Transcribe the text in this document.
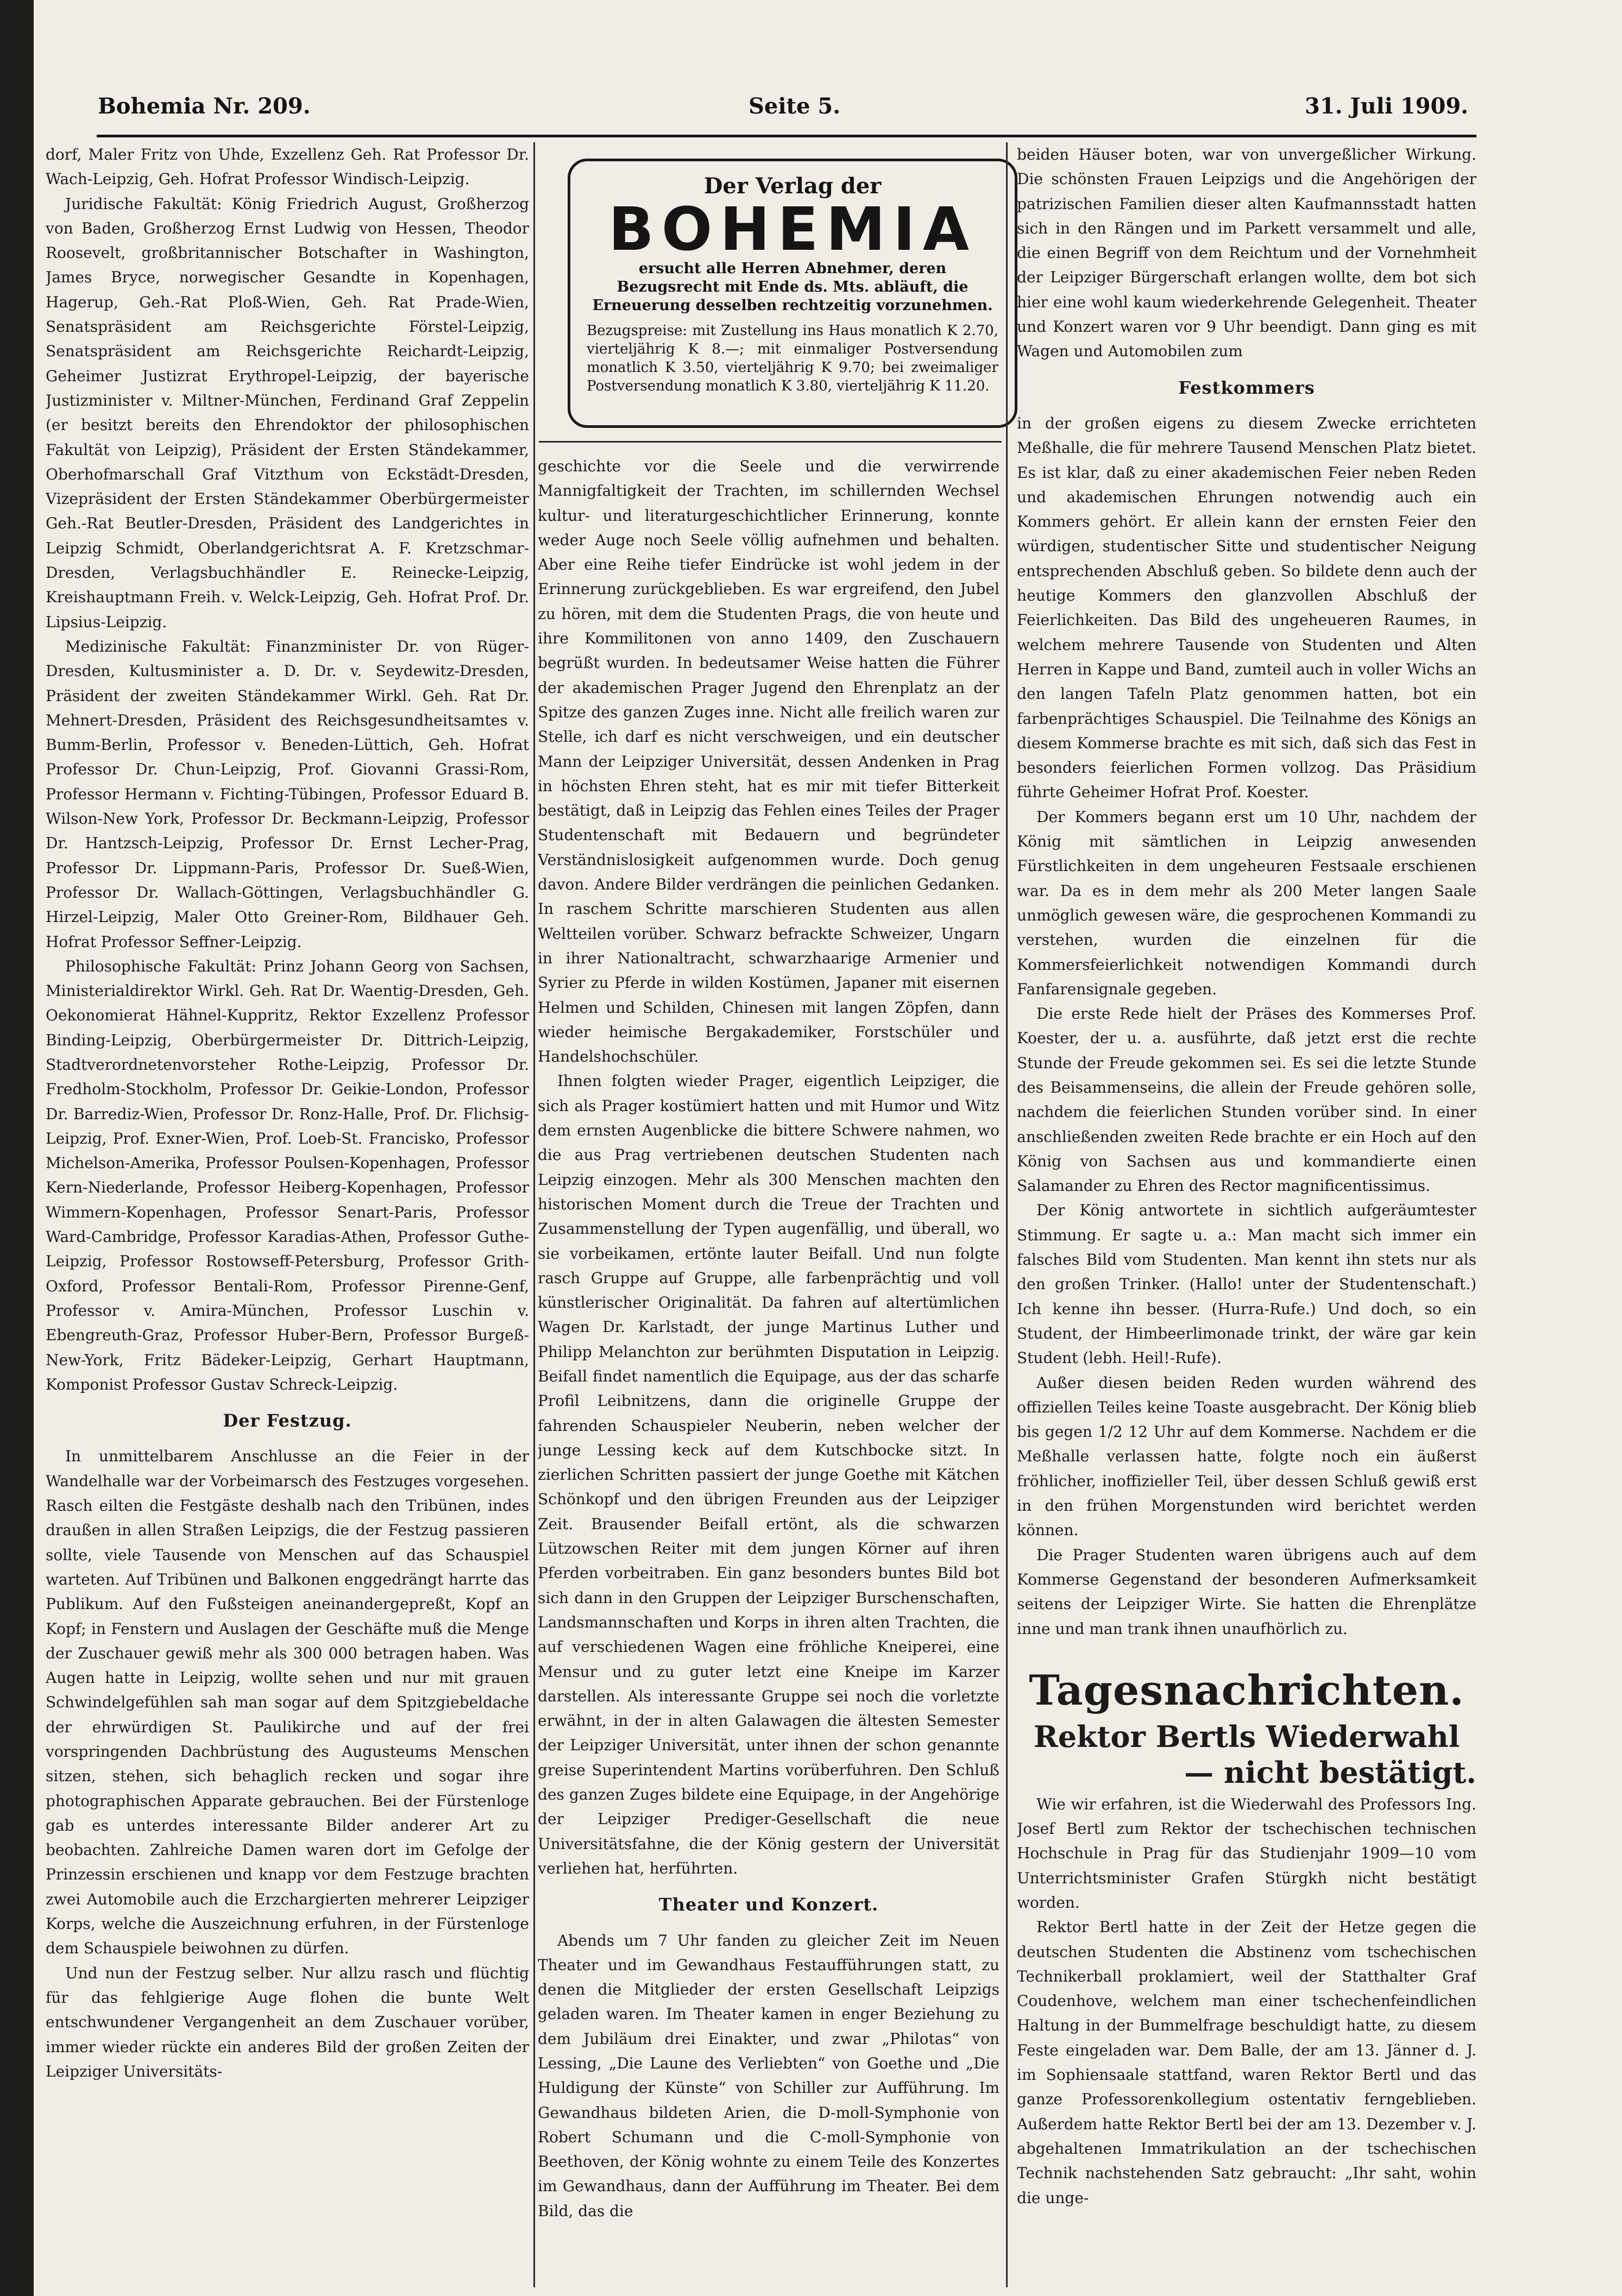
Bohemia Nr. 209.	Seite 5.	31. Juli 1909.

dorf, Maler Fritz von Uhde, Exzellenz Geh. Rat Professor Dr. Wach-Leipzig, Geh. Hofrat Professor Windisch-Leipzig.

Juridische Fakultät: König Friedrich August, Großherzog von Baden, Großherzog Ernst Ludwig von Hessen, Theodor Roosevelt, großbritannischer Botschafter in Washington, James Bryce, norwegischer Gesandte in Kopenhagen, Hagerup, Geh.-Rat Ploß-Wien, Geh. Rat Prade-Wien, Senatspräsident am Reichsgerichte Förstel-Leipzig, Senatspräsident am Reichsgerichte Reichardt-Leipzig, Geheimer Justizrat Erythropel-Leipzig, der bayerische Justizminister v. Miltner-München, Ferdinand Graf Zeppelin (er besitzt bereits den Ehrendoktor der philosophischen Fakultät von Leipzig), Präsident der Ersten Ständekammer, Oberhofmarschall Graf Vitzthum von Eckstädt-Dresden, Vizepräsident der Ersten Ständekammer Oberbürgermeister Geh.-Rat Beutler-Dresden, Präsident des Landgerichtes in Leipzig Schmidt, Oberlandgerichtsrat A. F. Kretzschmar-Dresden, Verlagsbuchhändler E. Reinecke-Leipzig, Kreishauptmann Freih. v. Welck-Leipzig, Geh. Hofrat Prof. Dr. Lipsius-Leipzig.

Medizinische Fakultät: Finanzminister Dr. von Rüger-Dresden, Kultusminister a. D. Dr. v. Seydewitz-Dresden, Präsident der zweiten Ständekammer Wirkl. Geh. Rat Dr. Mehnert-Dresden, Präsident des Reichsgesundheitsamtes v. Bumm-Berlin, Professor v. Beneden-Lüttich, Geh. Hofrat Professor Dr. Chun-Leipzig, Prof. Giovanni Grassi-Rom, Professor Hermann v. Fichting-Tübingen, Professor Eduard B. Wilson-New York, Professor Dr. Beckmann-Leipzig, Professor Dr. Hantzsch-Leipzig, Professor Dr. Ernst Lecher-Prag, Professor Dr. Lippmann-Paris, Professor Dr. Sueß-Wien, Professor Dr. Wallach-Göttingen, Verlagsbuchhändler G. Hirzel-Leipzig, Maler Otto Greiner-Rom, Bildhauer Geh. Hofrat Professor Seffner-Leipzig.

Philosophische Fakultät: Prinz Johann Georg von Sachsen, Ministerialdirektor Wirkl. Geh. Rat Dr. Waentig-Dresden, Geh. Oekonomierat Hähnel-Kuppritz, Rektor Exzellenz Professor Binding-Leipzig, Oberbürgermeister Dr. Dittrich-Leipzig, Stadtverordnetenvorsteher Rothe-Leipzig, Professor Dr. Fredholm-Stockholm, Professor Dr. Geikie-London, Professor Dr. Barrediz-Wien, Professor Dr. Ronz-Halle, Prof. Dr. Flichsig-Leipzig, Prof. Exner-Wien, Prof. Loeb-St. Francisko, Professor Michelson-Amerika, Professor Poulsen-Kopenhagen, Professor Kern-Niederlande, Professor Heiberg-Kopenhagen, Professor Wimmern-Kopenhagen, Professor Senart-Paris, Professor Ward-Cambridge, Professor Karadias-Athen, Professor Guthe-Leipzig, Professor Rostowseff-Petersburg, Professor Grith-Oxford, Professor Bentali-Rom, Professor Pirenne-Genf, Professor v. Amira-München, Professor Luschin v. Ebengreuth-Graz, Professor Huber-Bern, Professor Burgeß-New-York, Fritz Bädeker-Leipzig, Gerhart Hauptmann, Komponist Professor Gustav Schreck-Leipzig.

Der Festzug.

In unmittelbarem Anschlusse an die Feier in der Wandelhalle war der Vorbeimarsch des Festzuges vorgesehen. Rasch eilten die Festgäste deshalb nach den Tribünen, indes draußen in allen Straßen Leipzigs, die der Festzug passieren sollte, viele Tausende von Menschen auf das Schauspiel warteten. Auf Tribünen und Balkonen enggedrängt harrte das Publikum. Auf den Fußsteigen aneinandergepreßt, Kopf an Kopf; in Fenstern und Auslagen der Geschäfte muß die Menge der Zuschauer gewiß mehr als 300 000 betragen haben. Was Augen hatte in Leipzig, wollte sehen und nur mit grauen Schwindelgefühlen sah man sogar auf dem Spitzgiebeldache der ehrwürdigen St. Paulikirche und auf der frei vorspringenden Dachbrüstung des Augusteums Menschen sitzen, stehen, sich behaglich recken und sogar ihre photographischen Apparate gebrauchen. Bei der Fürstenloge gab es unterdes interessante Bilder anderer Art zu beobachten. Zahlreiche Damen waren dort im Gefolge der Prinzessin erschienen und knapp vor dem Festzuge brachten zwei Automobile auch die Erzchargierten mehrerer Leipziger Korps, welche die Auszeichnung erfuhren, in der Fürstenloge dem Schauspiele beiwohnen zu dürfen.

Und nun der Festzug selber. Nur allzu rasch und flüchtig für das fehlgierige Auge flohen die bunte Welt entschwundener Vergangenheit an dem Zuschauer vorüber, immer wieder rückte ein anderes Bild der großen Zeiten der Leipziger Universitäts-

Der Verlag der
BOHEMIA
ersucht alle Herren Abnehmer, deren Bezugsrecht mit Ende ds. Mts. abläuft, die Erneuerung desselben rechtzeitig vorzunehmen.
Bezugspreise: mit Zustellung ins Haus monatlich K 2.70, vierteljährig K 8.—; mit einmaliger Postversendung monatlich K 3.50, vierteljährig K 9.70; bei zweimaliger Postversendung monatlich K 3.80, vierteljährig K 11.20.

geschichte vor die Seele und die verwirrende Mannigfaltigkeit der Trachten, im schillernden Wechsel kultur- und literaturgeschichtlicher Erinnerung, konnte weder Auge noch Seele völlig aufnehmen und behalten. Aber eine Reihe tiefer Eindrücke ist wohl jedem in der Erinnerung zurückgeblieben. Es war ergreifend, den Jubel zu hören, mit dem die Studenten Prags, die von heute und ihre Kommilitonen von anno 1409, den Zuschauern begrüßt wurden. In bedeutsamer Weise hatten die Führer der akademischen Prager Jugend den Ehrenplatz an der Spitze des ganzen Zuges inne. Nicht alle freilich waren zur Stelle, ich darf es nicht verschweigen, und ein deutscher Mann der Leipziger Universität, dessen Andenken in Prag in höchsten Ehren steht, hat es mir mit tiefer Bitterkeit bestätigt, daß in Leipzig das Fehlen eines Teiles der Prager Studentenschaft mit Bedauern und begründeter Verständnislosigkeit aufgenommen wurde. Doch genug davon. Andere Bilder verdrängen die peinlichen Gedanken. In raschem Schritte marschieren Studenten aus allen Weltteilen vorüber. Schwarz befrackte Schweizer, Ungarn in ihrer Nationaltracht, schwarzhaarige Armenier und Syrier zu Pferde in wilden Kostümen, Japaner mit eisernen Helmen und Schilden, Chinesen mit langen Zöpfen, dann wieder heimische Bergakademiker, Forstschüler und Handelshochschüler.

Ihnen folgten wieder Prager, eigentlich Leipziger, die sich als Prager kostümiert hatten und mit Humor und Witz dem ernsten Augenblicke die bittere Schwere nahmen, wo die aus Prag vertriebenen deutschen Studenten nach Leipzig einzogen. Mehr als 300 Menschen machten den historischen Moment durch die Treue der Trachten und Zusammenstellung der Typen augenfällig, und überall, wo sie vorbeikamen, ertönte lauter Beifall. Und nun folgte rasch Gruppe auf Gruppe, alle farbenprächtig und voll künstlerischer Originalität. Da fahren auf altertümlichen Wagen Dr. Karlstadt, der junge Martinus Luther und Philipp Melanchton zur berühmten Disputation in Leipzig. Beifall findet namentlich die Equipage, aus der das scharfe Profil Leibnitzens, dann die originelle Gruppe der fahrenden Schauspieler Neuberin, neben welcher der junge Lessing keck auf dem Kutschbocke sitzt. In zierlichen Schritten passiert der junge Goethe mit Kätchen Schönkopf und den übrigen Freunden aus der Leipziger Zeit. Brausender Beifall ertönt, als die schwarzen Lützowschen Reiter mit dem jungen Körner auf ihren Pferden vorbeitraben. Ein ganz besonders buntes Bild bot sich dann in den Gruppen der Leipziger Burschenschaften, Landsmannschaften und Korps in ihren alten Trachten, die auf verschiedenen Wagen eine fröhliche Kneiperei, eine Mensur und zu guter letzt eine Kneipe im Karzer darstellen. Als interessante Gruppe sei noch die vorletzte erwähnt, in der in alten Galawagen die ältesten Semester der Leipziger Universität, unter ihnen der schon genannte greise Superintendent Martins vorüberfuhren. Den Schluß des ganzen Zuges bildete eine Equipage, in der Angehörige der Leipziger Prediger-Gesellschaft die neue Universitätsfahne, die der König gestern der Universität verliehen hat, herführten.

Theater und Konzert.

Abends um 7 Uhr fanden zu gleicher Zeit im Neuen Theater und im Gewandhaus Festaufführungen statt, zu denen die Mitglieder der ersten Gesellschaft Leipzigs geladen waren. Im Theater kamen in enger Beziehung zu dem Jubiläum drei Einakter, und zwar „Philotas“ von Lessing, „Die Laune des Verliebten“ von Goethe und „Die Huldigung der Künste“ von Schiller zur Aufführung. Im Gewandhaus bildeten Arien, die D-moll-Symphonie von Robert Schumann und die C-moll-Symphonie von Beethoven, der König wohnte zu einem Teile des Konzertes im Gewandhaus, dann der Aufführung im Theater. Bei dem Bild, das die

beiden Häuser boten, war von unvergeßlicher Wirkung. Die schönsten Frauen Leipzigs und die Angehörigen der patrizischen Familien dieser alten Kaufmannsstadt hatten sich in den Rängen und im Parkett versammelt und alle, die einen Begriff von dem Reichtum und der Vornehmheit der Leipziger Bürgerschaft erlangen wollte, dem bot sich hier eine wohl kaum wiederkehrende Gelegenheit. Theater und Konzert waren vor 9 Uhr beendigt. Dann ging es mit Wagen und Automobilen zum

Festkommers

in der großen eigens zu diesem Zwecke errichteten Meßhalle, die für mehrere Tausend Menschen Platz bietet. Es ist klar, daß zu einer akademischen Feier neben Reden und akademischen Ehrungen notwendig auch ein Kommers gehört. Er allein kann der ernsten Feier den würdigen, studentischer Sitte und studentischer Neigung entsprechenden Abschluß geben. So bildete denn auch der heutige Kommers den glanzvollen Abschluß der Feierlichkeiten. Das Bild des ungeheueren Raumes, in welchem mehrere Tausende von Studenten und Alten Herren in Kappe und Band, zumteil auch in voller Wichs an den langen Tafeln Platz genommen hatten, bot ein farbenprächtiges Schauspiel. Die Teilnahme des Königs an diesem Kommerse brachte es mit sich, daß sich das Fest in besonders feierlichen Formen vollzog. Das Präsidium führte Geheimer Hofrat Prof. Koester.

Der Kommers begann erst um 10 Uhr, nachdem der König mit sämtlichen in Leipzig anwesenden Fürstlichkeiten in dem ungeheuren Festsaale erschienen war. Da es in dem mehr als 200 Meter langen Saale unmöglich gewesen wäre, die gesprochenen Kommandi zu verstehen, wurden die einzelnen für die Kommersfeierlichkeit notwendigen Kommandi durch Fanfarensignale gegeben.

Die erste Rede hielt der Präses des Kommerses Prof. Koester, der u. a. ausführte, daß jetzt erst die rechte Stunde der Freude gekommen sei. Es sei die letzte Stunde des Beisammenseins, die allein der Freude gehören solle, nachdem die feierlichen Stunden vorüber sind. In einer anschließenden zweiten Rede brachte er ein Hoch auf den König von Sachsen aus und kommandierte einen Salamander zu Ehren des Rector magnificentissimus.

Der König antwortete in sichtlich aufgeräumtester Stimmung. Er sagte u. a.: Man macht sich immer ein falsches Bild vom Studenten. Man kennt ihn stets nur als den großen Trinker. (Hallo! unter der Studentenschaft.) Ich kenne ihn besser. (Hurra-Rufe.) Und doch, so ein Student, der Himbeerlimonade trinkt, der wäre gar kein Student (lebh. Heil!-Rufe).

Außer diesen beiden Reden wurden während des offiziellen Teiles keine Toaste ausgebracht. Der König blieb bis gegen 1/2 12 Uhr auf dem Kommerse. Nachdem er die Meßhalle verlassen hatte, folgte noch ein äußerst fröhlicher, inoffizieller Teil, über dessen Schluß gewiß erst in den frühen Morgenstunden wird berichtet werden können.

Die Prager Studenten waren übrigens auch auf dem Kommerse Gegenstand der besonderen Aufmerksamkeit seitens der Leipziger Wirte. Sie hatten die Ehrenplätze inne und man trank ihnen unaufhörlich zu.

Tagesnachrichten.
Rektor Bertls Wiederwahl
— nicht bestätigt.

Wie wir erfahren, ist die Wiederwahl des Professors Ing. Josef Bertl zum Rektor der tschechischen technischen Hochschule in Prag für das Studienjahr 1909—10 vom Unterrichtsminister Grafen Stürgkh nicht bestätigt worden.

Rektor Bertl hatte in der Zeit der Hetze gegen die deutschen Studenten die Abstinenz vom tschechischen Technikerball proklamiert, weil der Statthalter Graf Coudenhove, welchem man einer tschechenfeindlichen Haltung in der Bummelfrage beschuldigt hatte, zu diesem Feste eingeladen war. Dem Balle, der am 13. Jänner d. J. im Sophiensaale stattfand, waren Rektor Bertl und das ganze Professorenkollegium ostentativ ferngeblieben. Außerdem hatte Rektor Bertl bei der am 13. Dezember v. J. abgehaltenen Immatrikulation an der tschechischen Technik nachstehenden Satz gebraucht: „Ihr saht, wohin die unge-
